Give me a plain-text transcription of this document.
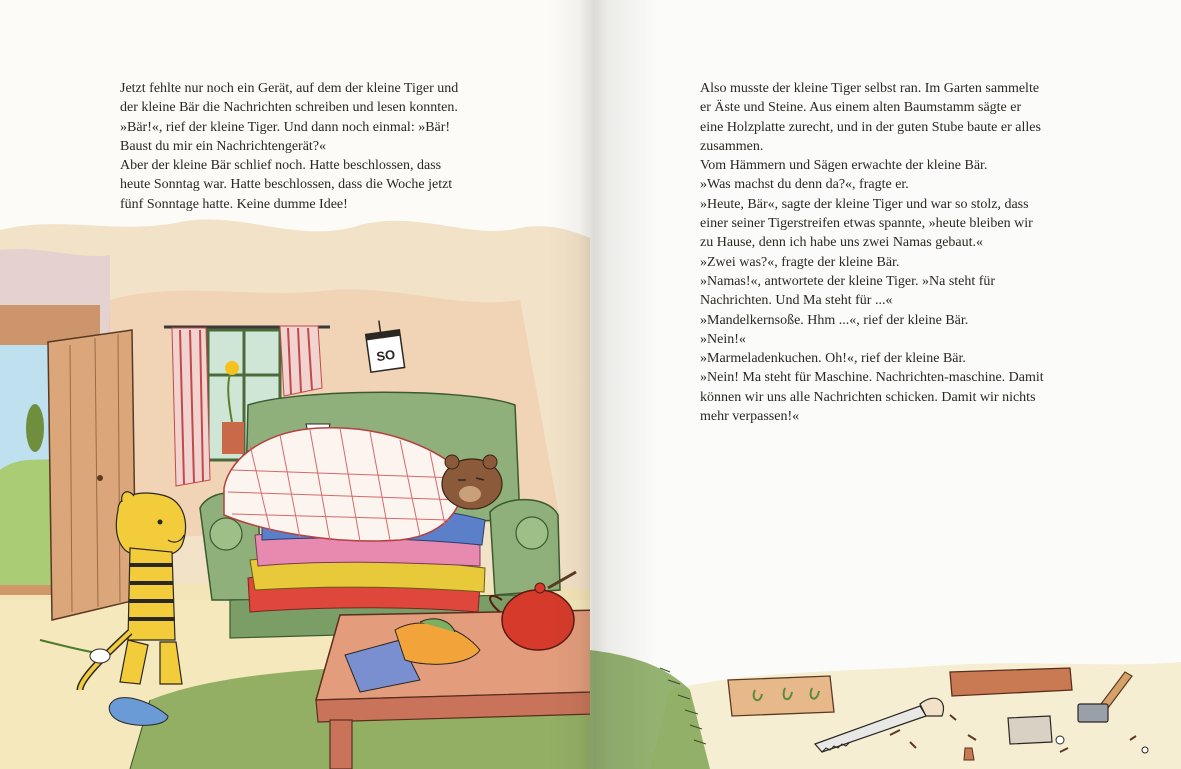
SO

Jetzt fehlte nur noch ein Gerät, auf dem der kleine Tiger und

der kleine Bär die Nachrichten schreiben und lesen konnten.

»Bär!«, rief der kleine Tiger. Und dann noch einmal: »Bär!

Baust du mir ein Nachrichtengerät?«

Aber der kleine Bär schlief noch. Hatte beschlossen, dass

heute Sonntag war. Hatte beschlossen, dass die Woche jetzt

fünf Sonntage hatte. Keine dumme Idee!

Also musste der kleine Tiger selbst ran. Im Garten sammelte

er Äste und Steine. Aus einem alten Baumstamm sägte er

eine Holzplatte zurecht, und in der guten Stube baute er alles

zusammen.

Vom Hämmern und Sägen erwachte der kleine Bär.

»Was machst du denn da?«, fragte er.

»Heute, Bär«, sagte der kleine Tiger und war so stolz, dass

einer seiner Tigerstreifen etwas spannte, »heute bleiben wir

zu Hause, denn ich habe uns zwei Namas gebaut.«

»Zwei was?«, fragte der kleine Bär.

»Namas!«, antwortete der kleine Tiger. »Na steht für

Nachrichten. Und Ma steht für ...«

»Mandelkernsoße. Hhm ...«, rief der kleine Bär.

»Nein!«

»Marmeladenkuchen. Oh!«, rief der kleine Bär.

»Nein! Ma steht für Maschine. Nachrichten-maschine. Damit

können wir uns alle Nachrichten schicken. Damit wir nichts

mehr verpassen!«
